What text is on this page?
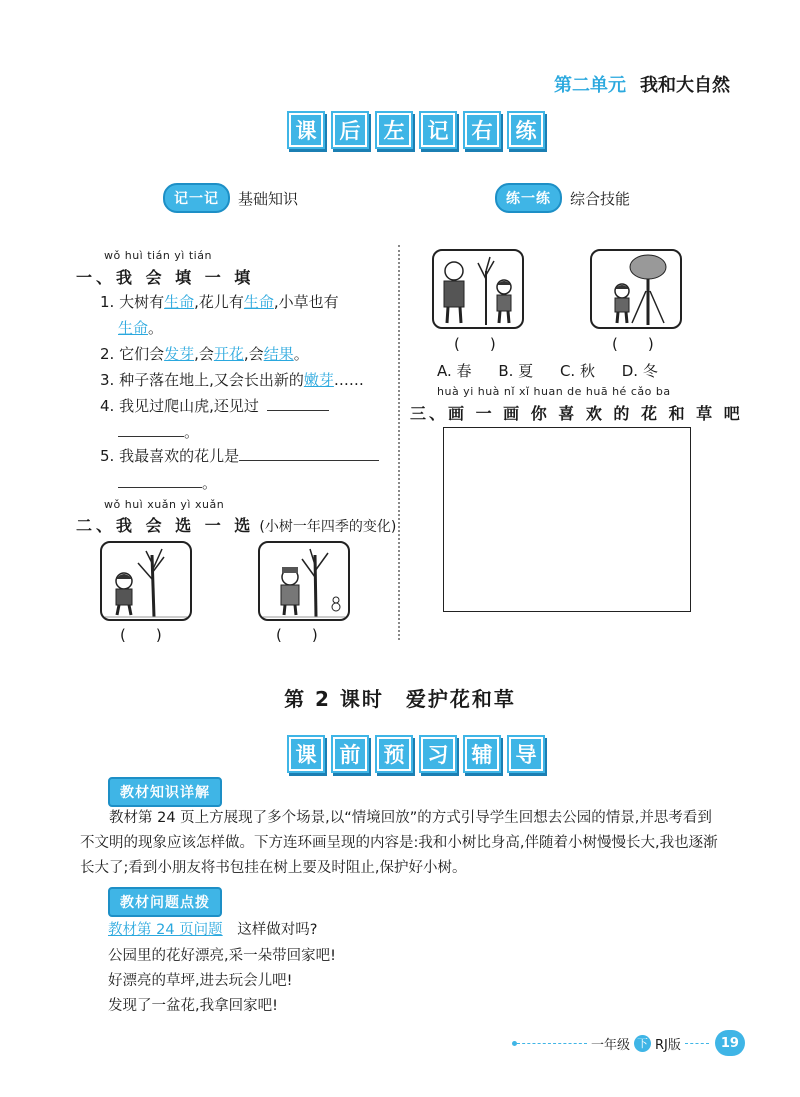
第二单元 我和大自然
课	后	左	记	右	练
记一记	基础知识	练一练	综合技能
wǒ huì tián yì tián
一、我 会 填 一 填
1. 大树有生命,花儿有生命,小草也有
生命。
2. 它们会发芽,会开花,会结果。
3. 种子落在地上,又会长出新的嫩芽……
4. 我见过爬山虎,还见过
。
5. 我最喜欢的花儿是
。
wǒ huì xuǎn yì xuǎn
二、我 会 选 一 选 (小树一年四季的变化)
(　　)	(　　)
(　　)	(　　)
A. 春 B. 夏 C. 秋 D. 冬
huà yi huà nǐ xǐ huan de huā hé cǎo ba
三、画 一 画 你 喜 欢 的 花 和 草 吧
第 2 课时　爱护花和草
课	前	预	习	辅	导
教材知识详解
教材第 24 页上方展现了多个场景,以“情境回放”的方式引导学生回想去公园的情景,并思考看到不文明的现象应该怎样做。下方连环画呈现的内容是:我和小树比身高,伴随着小树慢慢长大,我也逐渐长大了;看到小朋友将书包挂在树上要及时阻止,保护好小树。
教材问题点拨
教材第 24 页问题 这样做对吗?
公园里的花好漂亮,采一朵带回家吧!
好漂亮的草坪,进去玩会儿吧!
发现了一盆花,我拿回家吧!
一年级 下 RJ版	19
